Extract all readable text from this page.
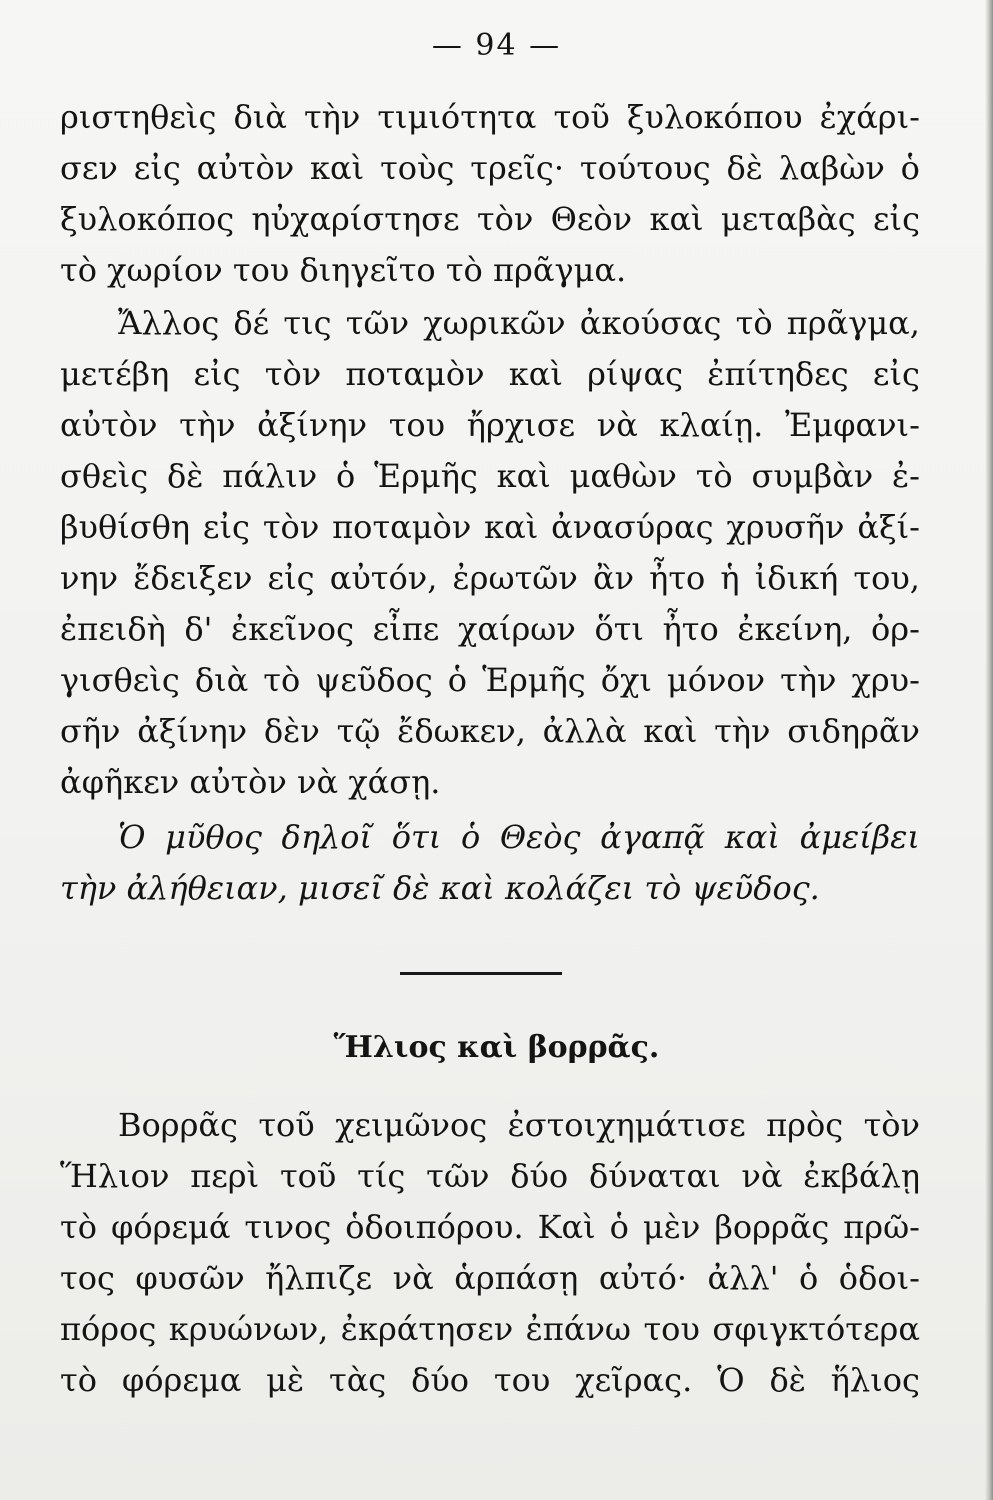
— 94 —
ριστηθεὶς διὰ τὴν τιμιότητα τοῦ ξυλοκόπου ἐχάρι-
σεν εἰς αὐτὸν καὶ τοὺς τρεῖς· τούτους δὲ λαβὼν ὁ
ξυλοκόπος ηὐχαρίστησε τὸν Θεὸν καὶ μεταβὰς εἰς
τὸ χωρίον του διηγεῖτο τὸ πρᾶγμα.
Ἄλλος δέ τις τῶν χωρικῶν ἀκούσας τὸ πρᾶγμα,
μετέβη εἰς τὸν ποταμὸν καὶ ρίψας ἐπίτηδες εἰς
αὐτὸν τὴν ἀξίνην του ἤρχισε νὰ κλαίῃ. Ἐμφανι-
σθεὶς δὲ πάλιν ὁ Ἑρμῆς καὶ μαθὼν τὸ συμβὰν ἐ-
βυθίσθη εἰς τὸν ποταμὸν καὶ ἀνασύρας χρυσῆν ἀξί-
νην ἔδειξεν εἰς αὐτόν, ἐρωτῶν ἂν ἦτο ἡ ἰδική του,
ἐπειδὴ δ' ἐκεῖνος εἶπε χαίρων ὅτι ἦτο ἐκείνη, ὀρ-
γισθεὶς διὰ τὸ ψεῦδος ὁ Ἑρμῆς ὄχι μόνον τὴν χρυ-
σῆν ἀξίνην δὲν τῷ ἔδωκεν, ἀλλὰ καὶ τὴν σιδηρᾶν
ἀφῆκεν αὐτὸν νὰ χάσῃ.
Ὁ μῦθος δηλοῖ ὅτι ὁ Θεὸς ἀγαπᾷ καὶ ἀμείβει
τὴν ἀλήθειαν, μισεῖ δὲ καὶ κολάζει τὸ ψεῦδος.
Ἥλιος καὶ βορρᾶς.
Βορρᾶς τοῦ χειμῶνος ἐστοιχημάτισε πρὸς τὸν
Ἥλιον περὶ τοῦ τίς τῶν δύο δύναται νὰ ἐκβάλῃ
τὸ φόρεμά τινος ὁδοιπόρου. Καὶ ὁ μὲν βορρᾶς πρῶ-
τος φυσῶν ἤλπιζε νὰ ἁρπάσῃ αὐτό· ἀλλ' ὁ ὁδοι-
πόρος κρυώνων, ἐκράτησεν ἐπάνω του σφιγκτότερα
τὸ φόρεμα μὲ τὰς δύο του χεῖρας. Ὁ δὲ ἥλιος
